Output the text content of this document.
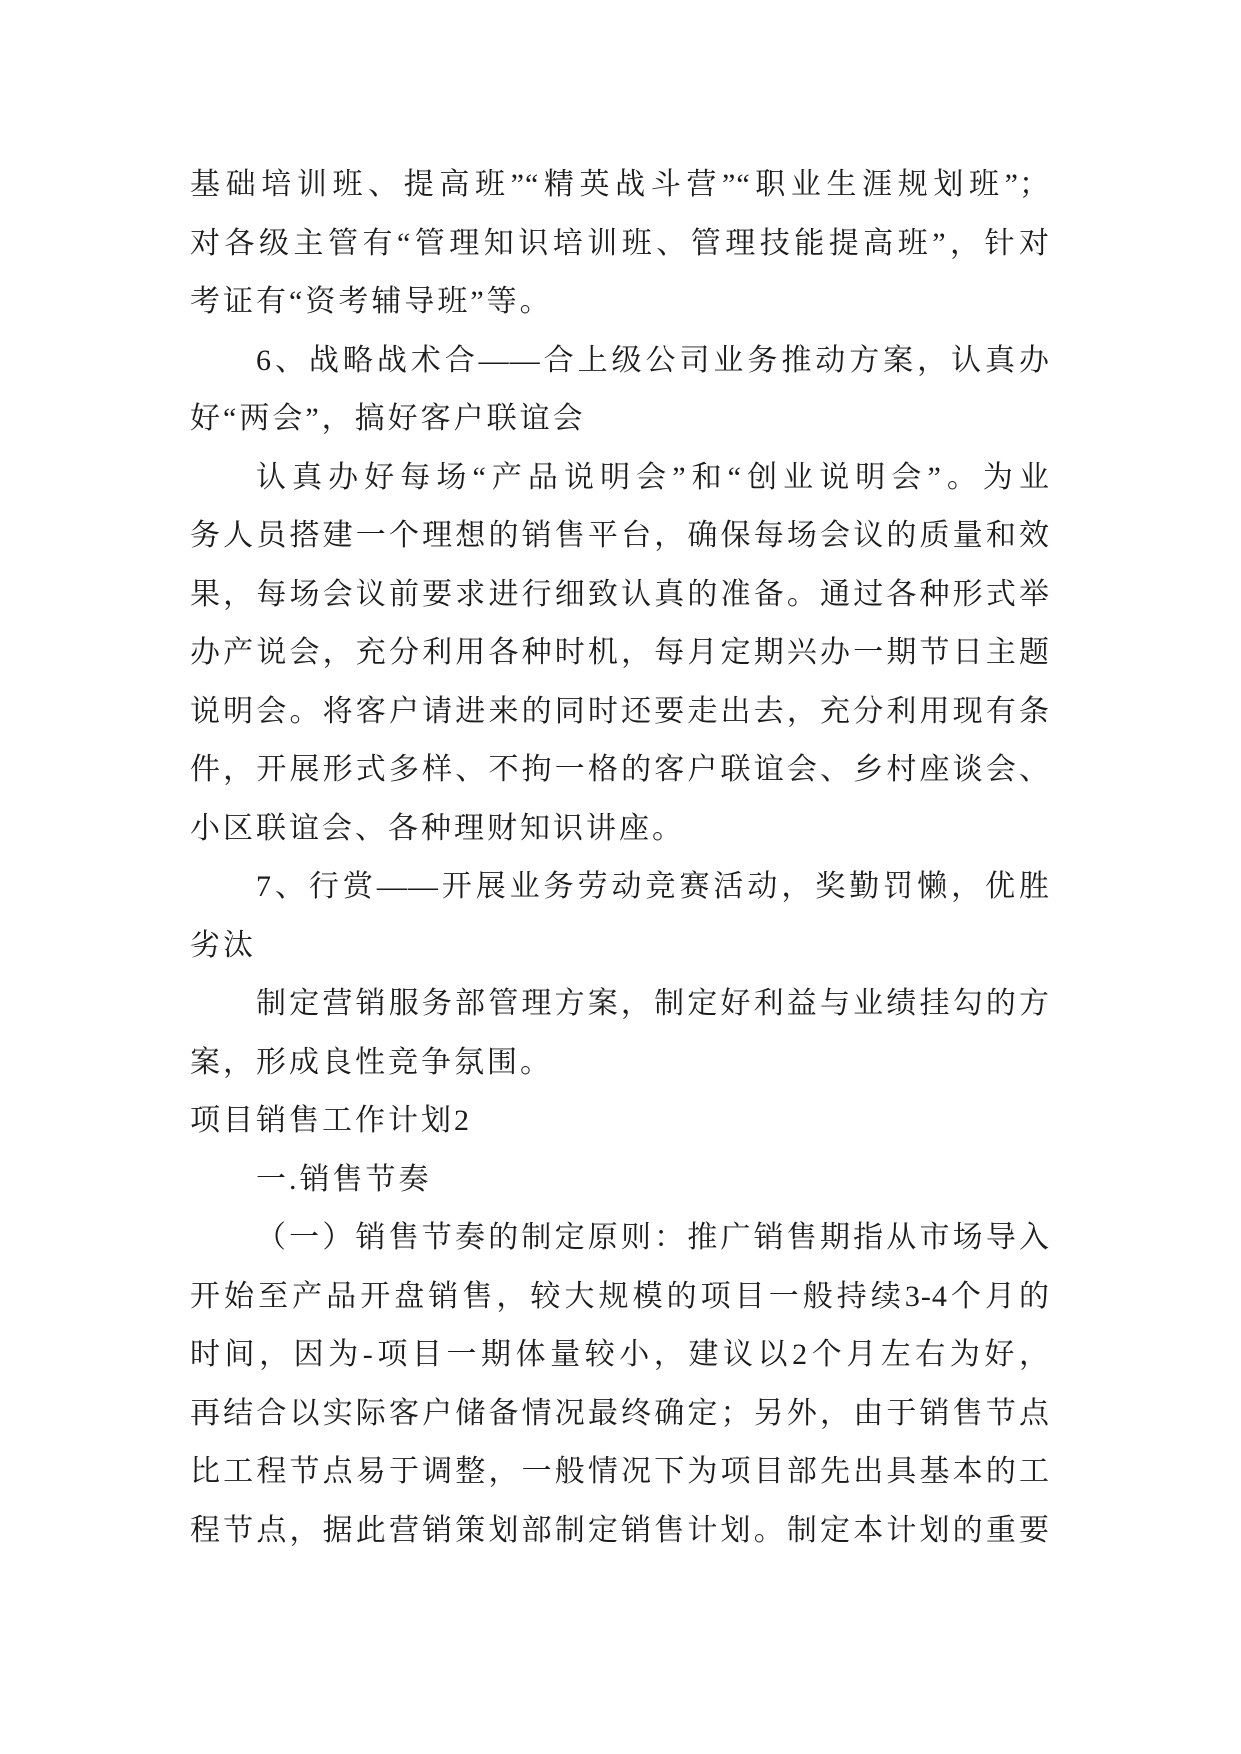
基础培训班、提高班”“精英战斗营”“职业生涯规划班”；
对各级主管有“管理知识培训班、管理技能提高班”，针对
考证有“资考辅导班”等。
6、战略战术合——合上级公司业务推动方案，认真办
好“两会”，搞好客户联谊会
认真办好每场“产品说明会”和“创业说明会”。为业
务人员搭建一个理想的销售平台，确保每场会议的质量和效
果，每场会议前要求进行细致认真的准备。通过各种形式举
办产说会，充分利用各种时机，每月定期兴办一期节日主题
说明会。将客户请进来的同时还要走出去，充分利用现有条
件，开展形式多样、不拘一格的客户联谊会、乡村座谈会、
小区联谊会、各种理财知识讲座。
7、行赏——开展业务劳动竞赛活动，奖勤罚懒，优胜
劣汰
制定营销服务部管理方案，制定好利益与业绩挂勾的方
案，形成良性竞争氛围。
项目销售工作计划2
一.销售节奏
（一）销售节奏的制定原则：推广销售期指从市场导入
开始至产品开盘销售，较大规模的项目一般持续3-4个月的
时间，因为-项目一期体量较小，建议以2个月左右为好，
再结合以实际客户储备情况最终确定；另外，由于销售节点
比工程节点易于调整，一般情况下为项目部先出具基本的工
程节点，据此营销策划部制定销售计划。制定本计划的重要
